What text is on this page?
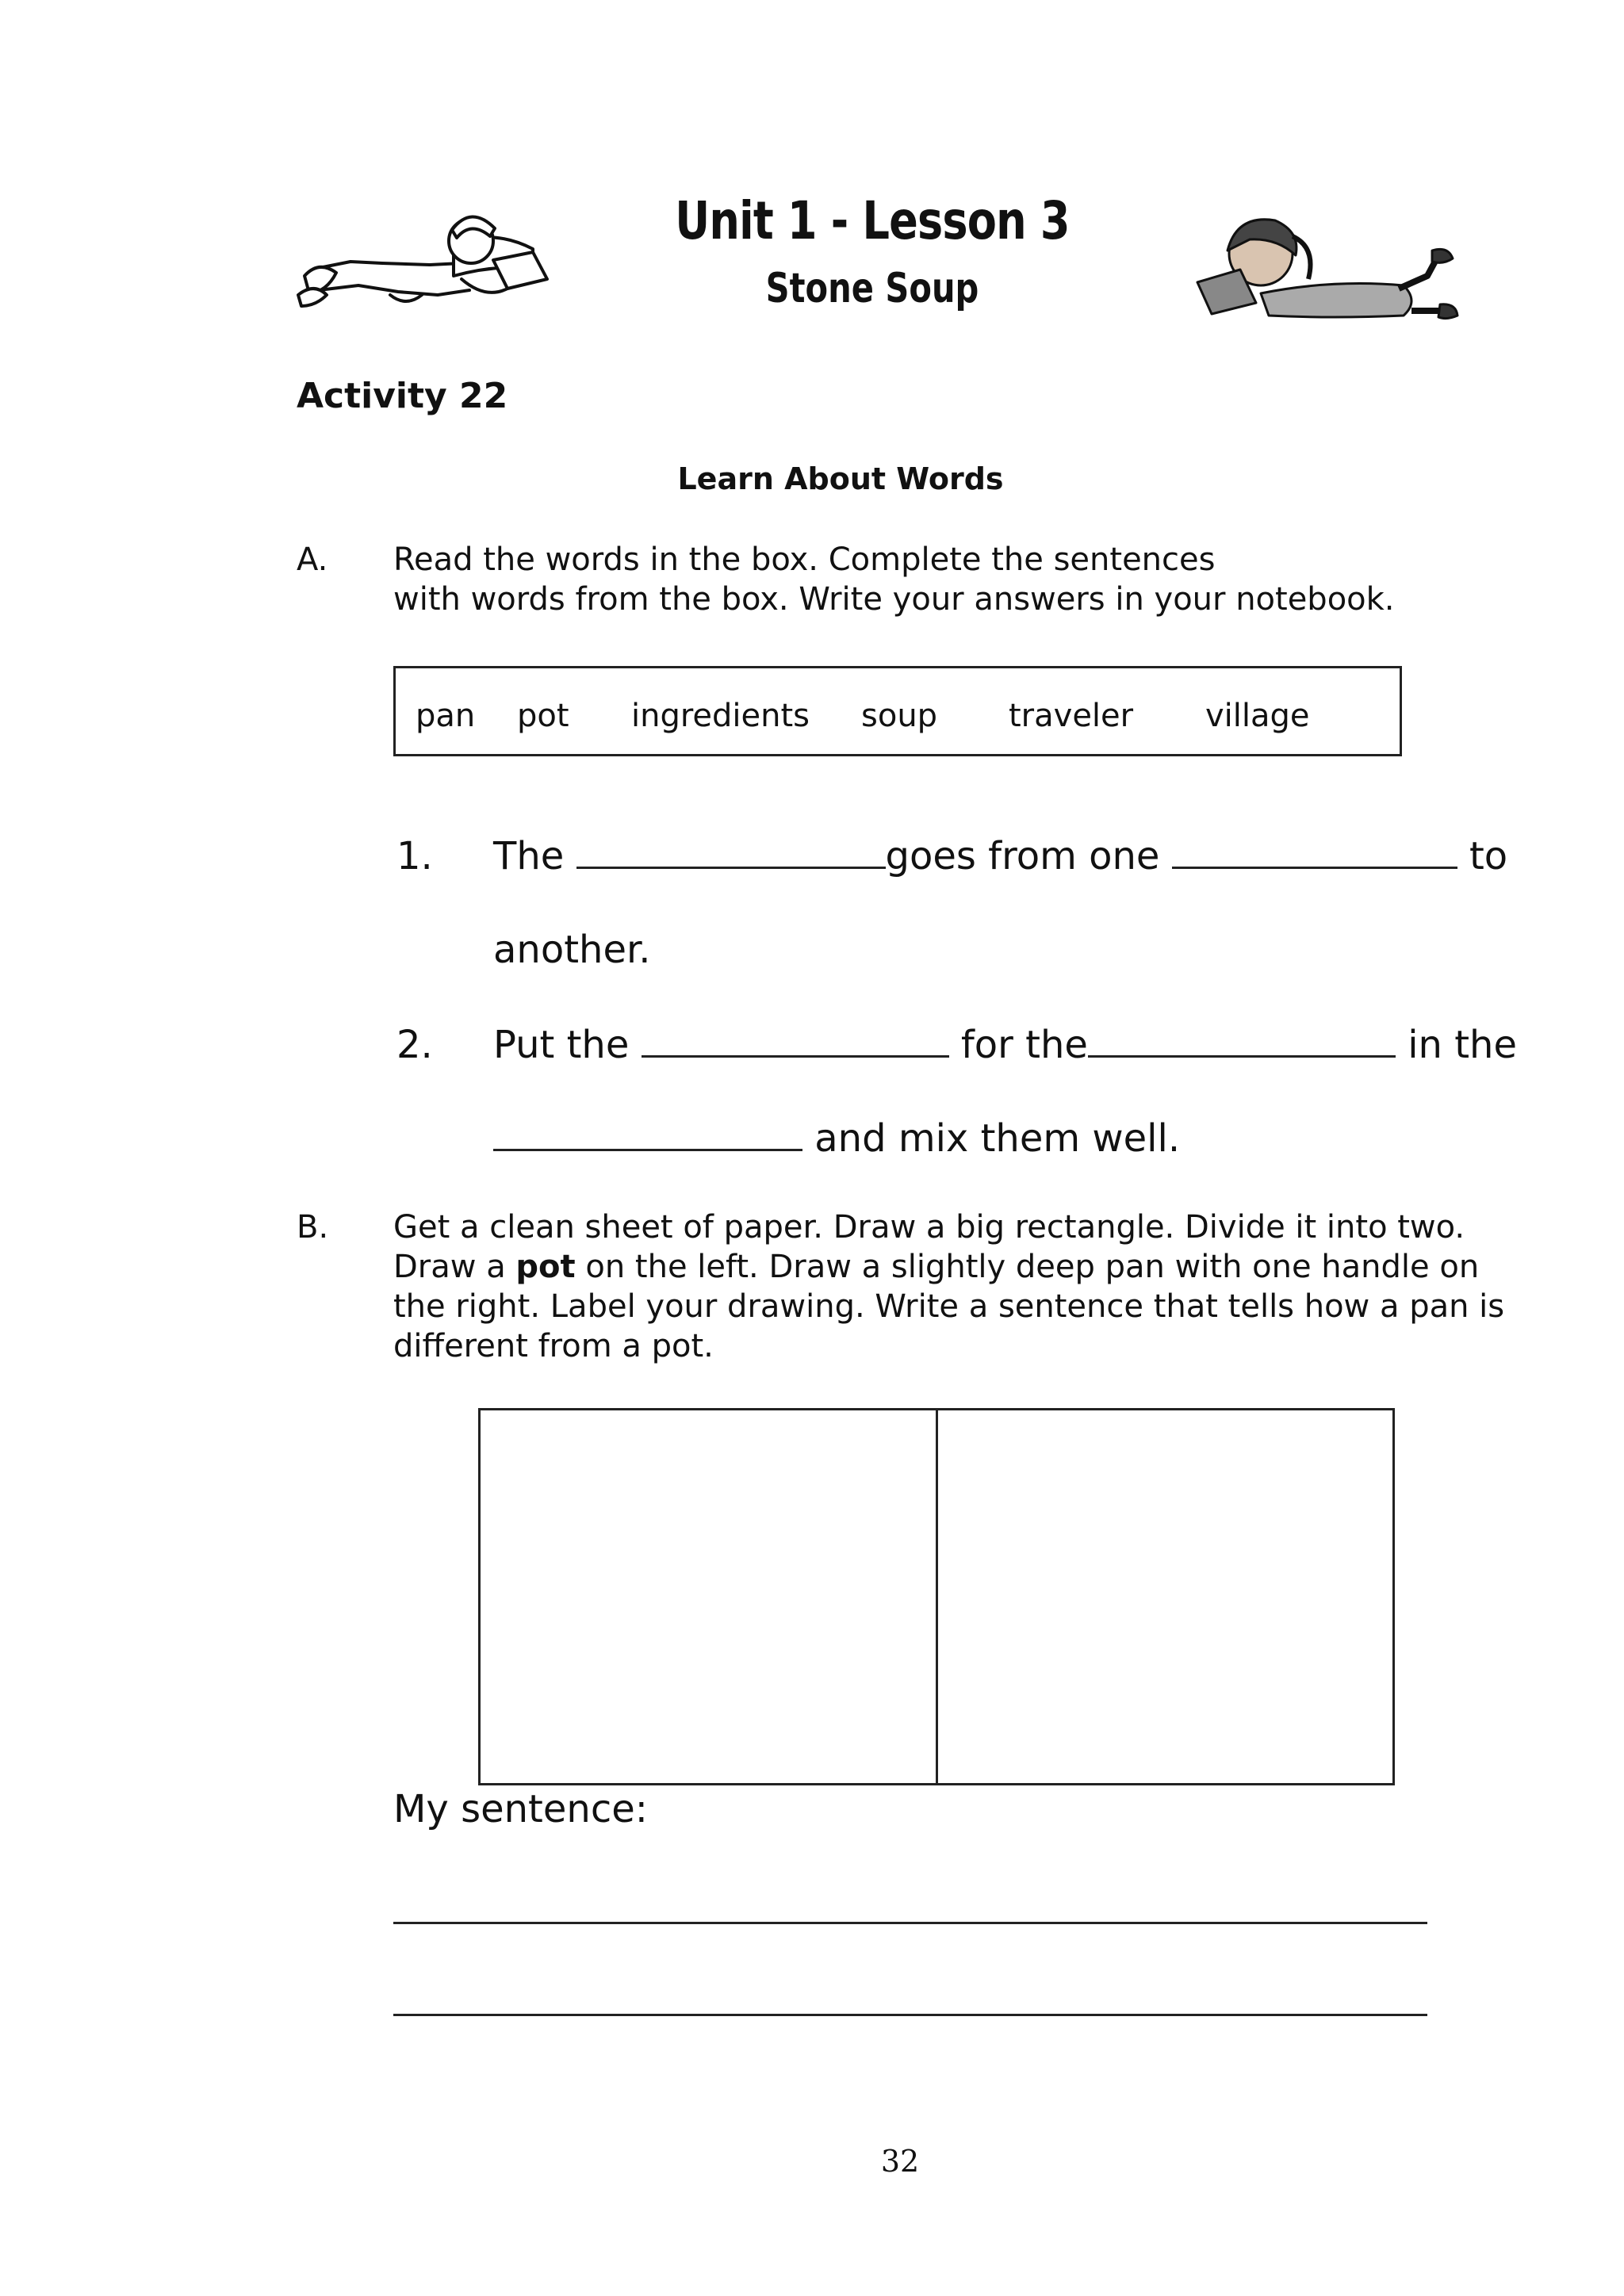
Unit 1 - Lesson 3
Stone Soup
Activity 22
Learn About Words
A. Read the words in the box. Complete the sentences
with words from the box. Write your answers in your notebook.
pan pot ingredients soup traveler village
1. The	goes from one	to
another.
2. Put the	for the	in the
and mix them well.
B. Get a clean sheet of paper. Draw a big rectangle. Divide it into two.
Draw a pot on the left. Draw a slightly deep pan with one handle on
the right. Label your drawing. Write a sentence that tells how a pan is
different from a pot.
My sentence:
32
